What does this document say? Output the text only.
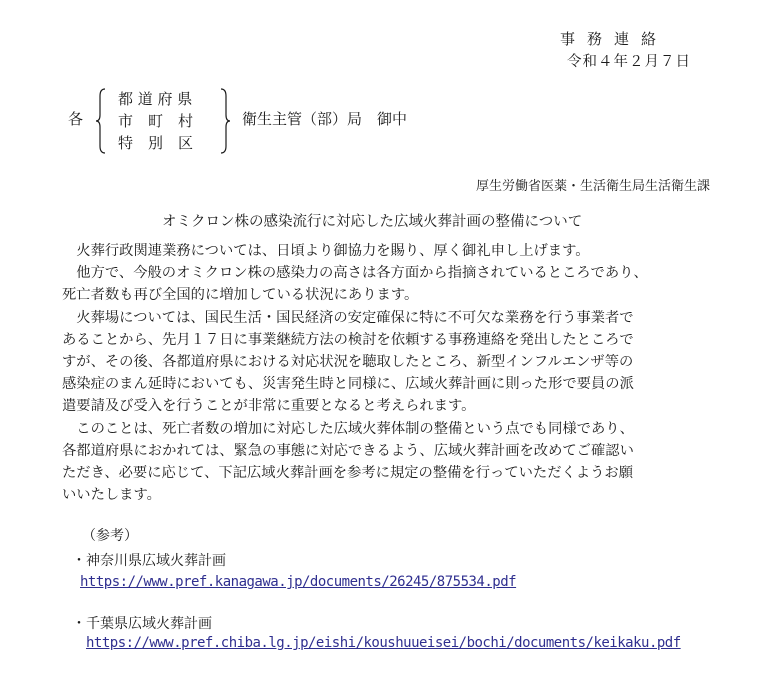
事務連絡
令和４年２月７日
各
都 道 府 県
市　町　村
特　別　区
衛生主管（部）局　御中
厚生労働省医薬・生活衛生局生活衛生課
オミクロン株の感染流行に対応した広域火葬計画の整備について
　火葬行政関連業務については、日頃より御協力を賜り、厚く御礼申し上げます。
　他方で、今般のオミクロン株の感染力の高さは各方面から指摘されているところであり、
死亡者数も再び全国的に増加している状況にあります。
　火葬場については、国民生活・国民経済の安定確保に特に不可欠な業務を行う事業者で
あることから、先月１７日に事業継続方法の検討を依頼する事務連絡を発出したところで
すが、その後、各都道府県における対応状況を聴取したところ、新型インフルエンザ等の
感染症のまん延時においても、災害発生時と同様に、広域火葬計画に則った形で要員の派
遣要請及び受入を行うことが非常に重要となると考えられます。
　このことは、死亡者数の増加に対応した広域火葬体制の整備という点でも同様であり、
各都道府県におかれては、緊急の事態に対応できるよう、広域火葬計画を改めてご確認い
ただき、必要に応じて、下記広域火葬計画を参考に規定の整備を行っていただくようお願
いいたします。
（参考）
・神奈川県広域火葬計画
https://www.pref.kanagawa.jp/documents/26245/875534.pdf
・千葉県広域火葬計画
https://www.pref.chiba.lg.jp/eishi/koushuueisei/bochi/documents/keikaku.pdf
